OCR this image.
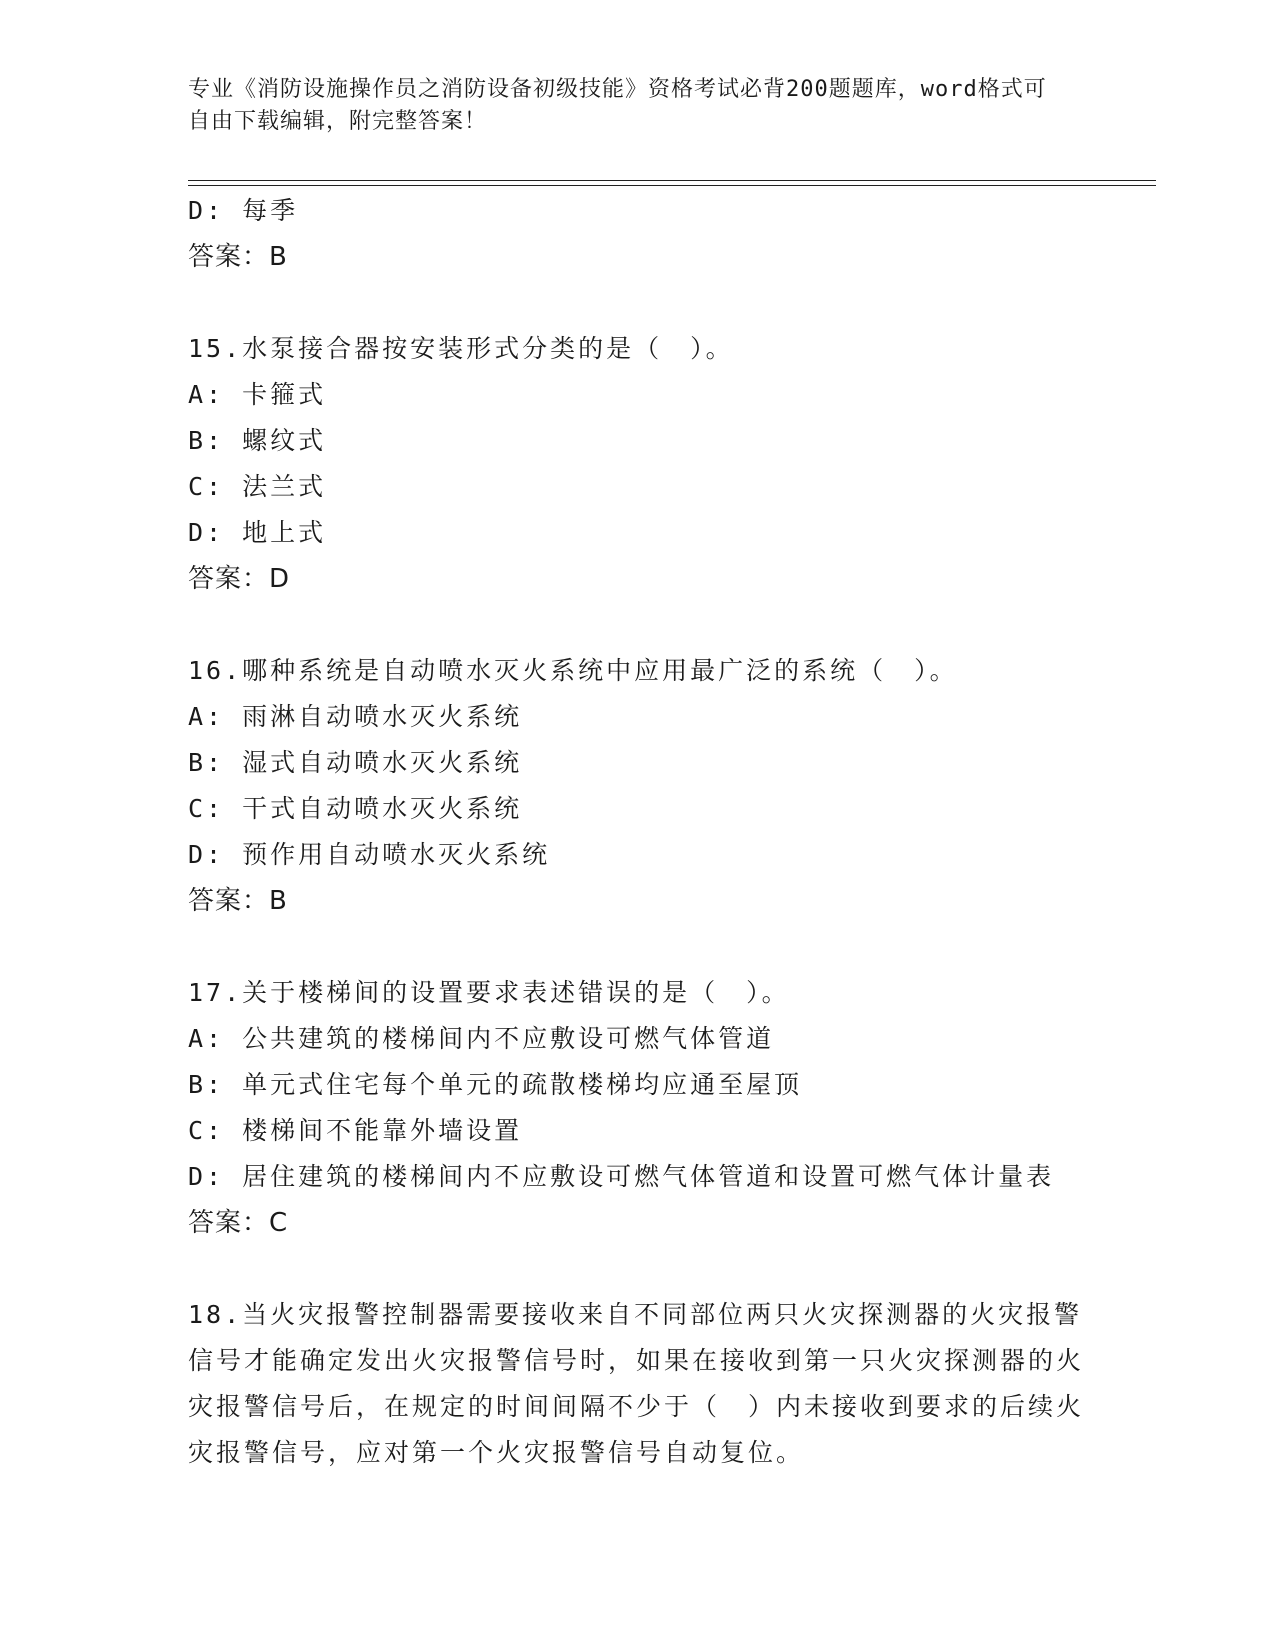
专业《消防设施操作员之消防设备初级技能》资格考试必背200题题库，word格式可自由下载编辑，附完整答案！
D: 每季
答案：B
15.水泵接合器按安装形式分类的是（　）。
A: 卡箍式
B: 螺纹式
C: 法兰式
D: 地上式
答案：D
16.哪种系统是自动喷水灭火系统中应用最广泛的系统（　）。
A: 雨淋自动喷水灭火系统
B: 湿式自动喷水灭火系统
C: 干式自动喷水灭火系统
D: 预作用自动喷水灭火系统
答案：B
17.关于楼梯间的设置要求表述错误的是（　）。
A: 公共建筑的楼梯间内不应敷设可燃气体管道
B: 单元式住宅每个单元的疏散楼梯均应通至屋顶
C: 楼梯间不能靠外墙设置
D: 居住建筑的楼梯间内不应敷设可燃气体管道和设置可燃气体计量表
答案：C
18.当火灾报警控制器需要接收来自不同部位两只火灾探测器的火灾报警信号才能确定发出火灾报警信号时，如果在接收到第一只火灾探测器的火灾报警信号后，在规定的时间间隔不少于（　）内未接收到要求的后续火灾报警信号，应对第一个火灾报警信号自动复位。
